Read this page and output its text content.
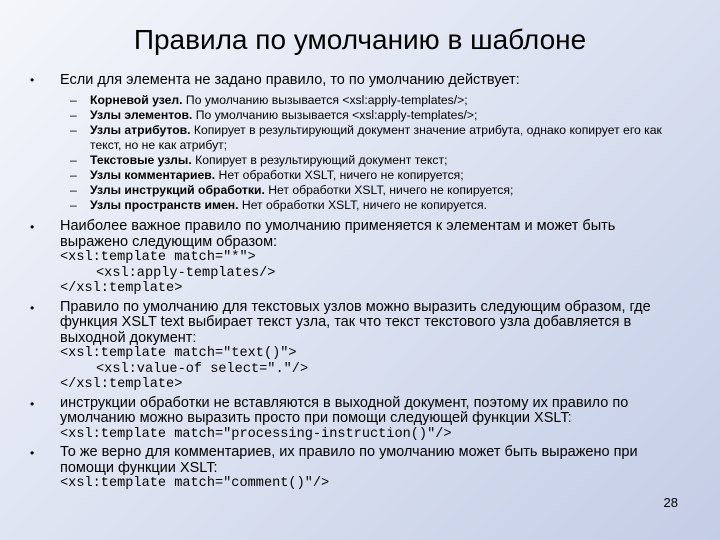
Правила по умолчанию в шаблоне
• Если для элемента не задано правило, то по умолчанию действует:
– Корневой узел. По умолчанию вызывается <xsl:apply-templates/>;
– Узлы элементов. По умолчанию вызывается <xsl:apply-templates/>;
– Узлы атрибутов. Копирует в результирующий документ значение атрибута, однако копирует его как текст, но не как атрибут;
– Текстовые узлы. Копирует в результирующий документ текст;
– Узлы комментариев. Нет обработки XSLT, ничего не копируется;
– Узлы инструкций обработки. Нет обработки XSLT, ничего не копируется;
– Узлы пространств имен. Нет обработки XSLT, ничего не копируется.
• Наиболее важное правило по умолчанию применяется к элементам и может быть выражено следующим образом:
<xsl:template match="*">
<xsl:apply-templates/>
</xsl:template>
• Правило по умолчанию для текстовых узлов можно выразить следующим образом, где функция XSLT text выбирает текст узла, так что текст текстового узла добавляется в выходной документ:
<xsl:template match="text()">
<xsl:value-of select="."/>
</xsl:template>
• инструкции обработки не вставляются в выходной документ, поэтому их правило по умолчанию можно выразить просто при помощи следующей функции XSLT:
<xsl:template match="processing-instruction()"/>
• То же верно для комментариев, их правило по умолчанию может быть выражено при помощи функции XSLT:
<xsl:template match="comment()"/>
28
